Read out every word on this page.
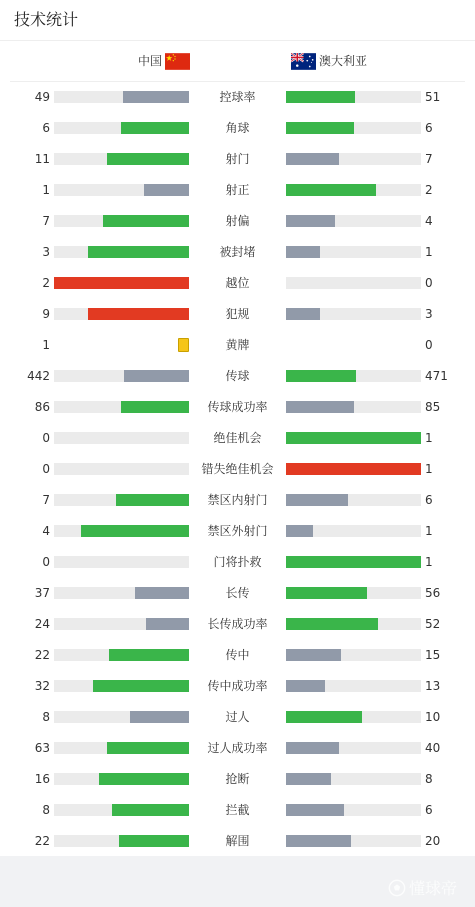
技术统计
中国	澳大利亚
49	控球率	51
6	角球	6
11	射门	7
1	射正	2
7	射偏	4
3	被封堵	1
2	越位	0
9	犯规	3
1	黄牌	0
442	传球	471
86	传球成功率	85
0	绝佳机会	1
0	错失绝佳机会	1
7	禁区内射门	6
4	禁区外射门	1
0	门将扑救	1
37	长传	56
24	长传成功率	52
22	传中	15
32	传中成功率	13
8	过人	10
63	过人成功率	40
16	抢断	8
8	拦截	6
22	解围	20
懂球帝
